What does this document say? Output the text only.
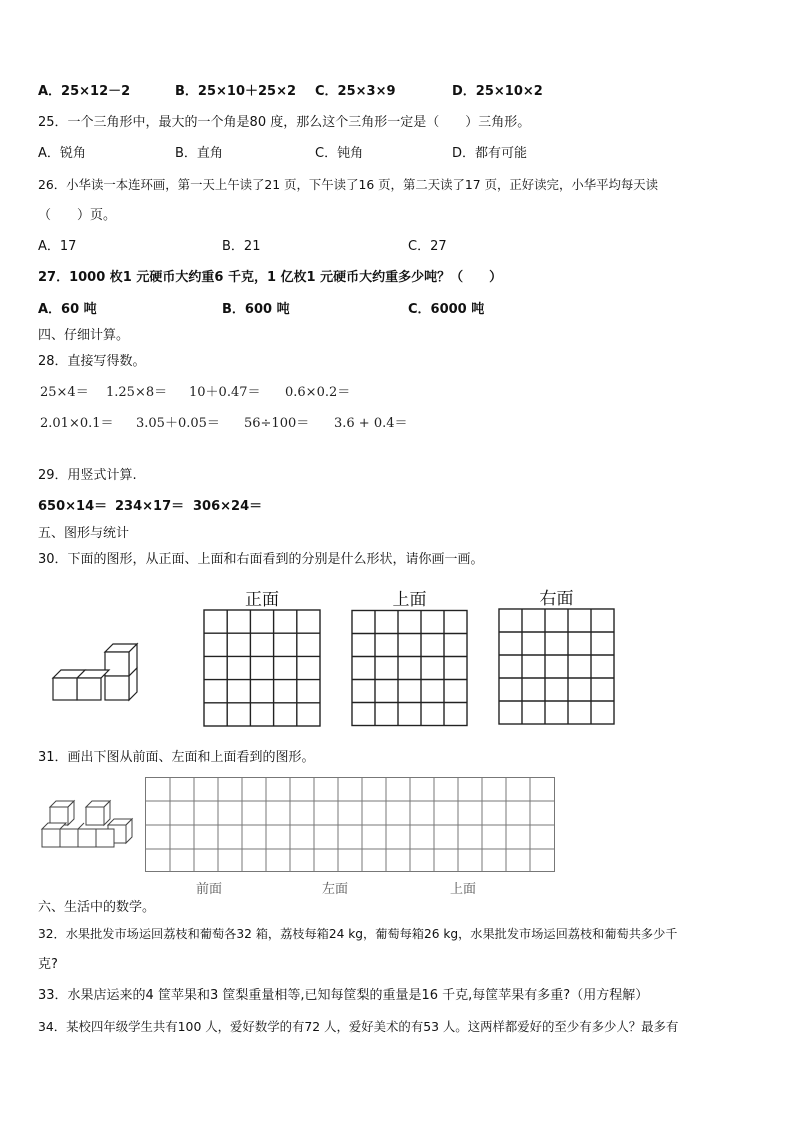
A．25×12－2	B．25×10＋25×2 C．25×3×9	D．25×10×2
25．一个三角形中，最大的一个角是80 度，那么这个三角形一定是（　　）三角形。
A．锐角	B．直角	C．钝角	D．都有可能
26．小华读一本连环画，第一天上午读了21 页，下午读了16 页，第二天读了17 页，正好读完，小华平均每天读
（　　）页。
A．17	B．21	C．27
27．1000 枚1 元硬币大约重6 千克，1 亿枚1 元硬币大约重多少吨？（　　）
A．60 吨	B．600 吨	C．6000 吨
四、仔细计算。
28．直接写得数。
25×4＝ 1.25×8＝ 10＋0.47＝ 0.6×0.2＝
2.01×0.1＝ 3.05＋0.05＝ 56÷100＝ 3.6 + 0.4＝
29．用竖式计算.
650×14＝ 234×17＝ 306×24＝
五、图形与统计
30．下面的图形，从正面、上面和右面看到的分别是什么形状，请你画一画。
正面	上面	右面
31．画出下图从前面、左面和上面看到的图形。
前面	左面	上面
六、生活中的数学。
32．水果批发市场运回荔枝和葡萄各32 箱，荔枝每箱24 kg，葡萄每箱26 kg，水果批发市场运回荔枝和葡萄共多少千
克?
33．水果店运来的4 筐苹果和3 筐梨重量相等,已知每筐梨的重量是16 千克,每筐苹果有多重?（用方程解）
34．某校四年级学生共有100 人，爱好数学的有72 人，爱好美术的有53 人。这两样都爱好的至少有多少人？最多有
